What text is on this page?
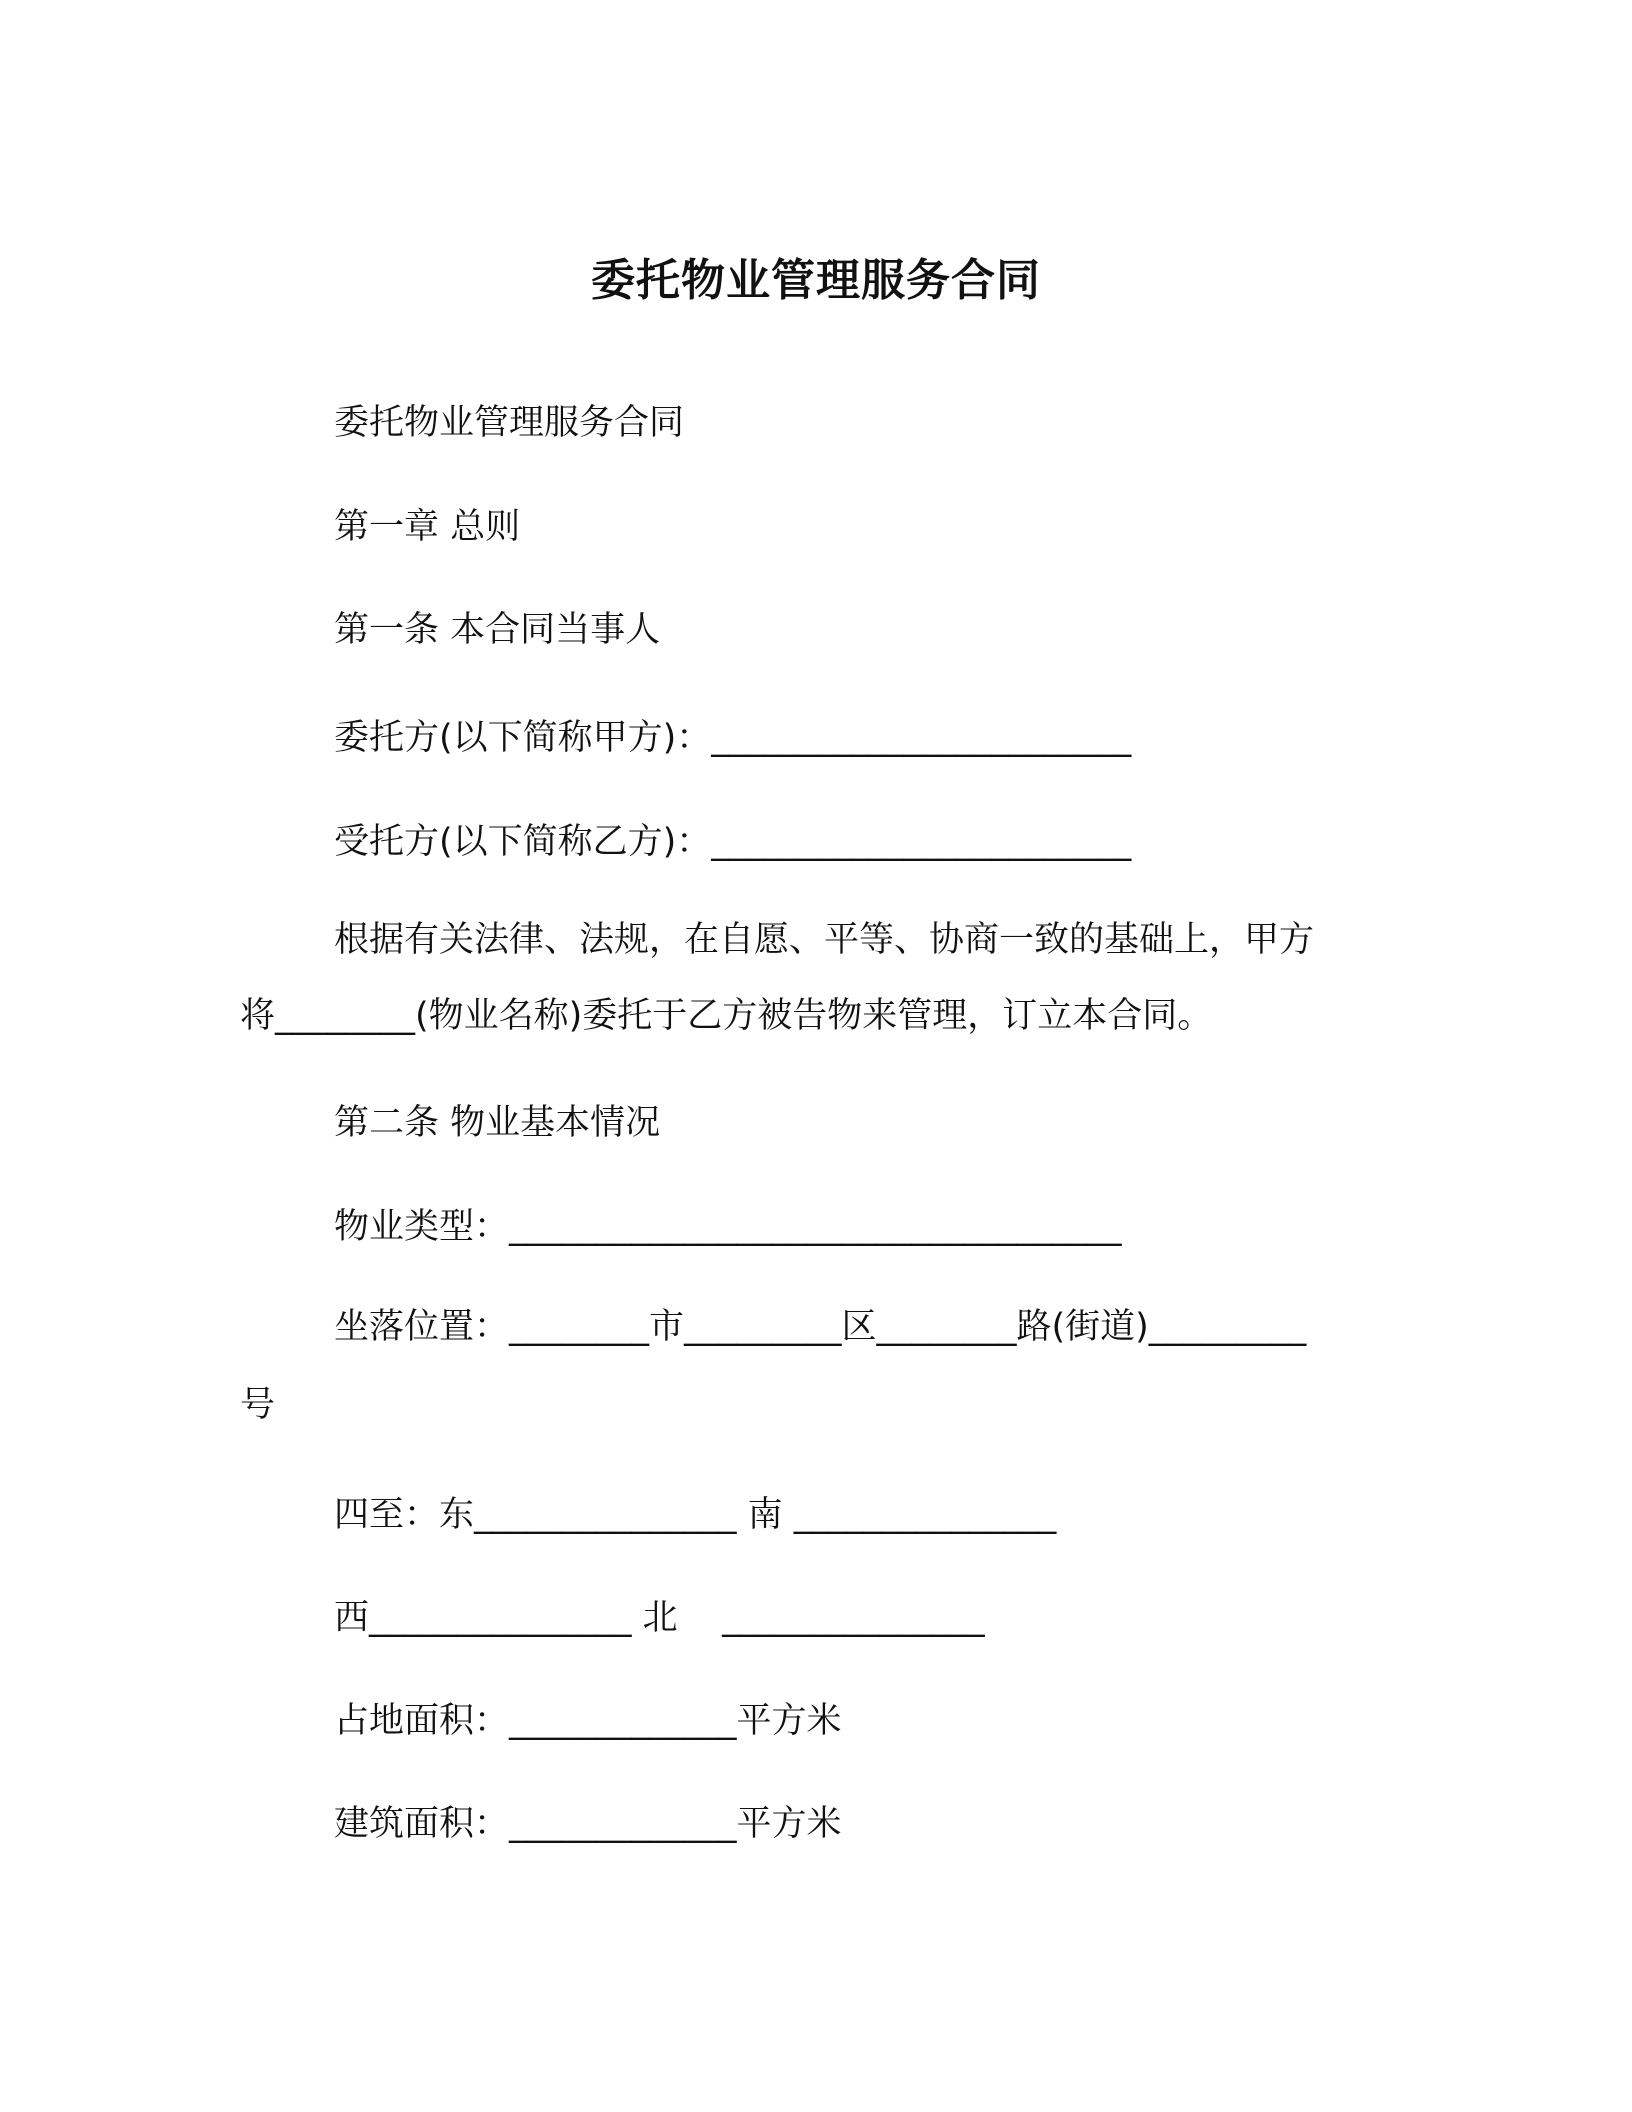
委托物业管理服务合同

委托物业管理服务合同

第一章 总则

第一条 本合同当事人

委托方(以下简称甲方)：________________________

受托方(以下简称乙方)：________________________

根据有关法律、法规，在自愿、平等、协商一致的基础上，甲方

将________(物业名称)委托于乙方被告物来管理，订立本合同。

第二条 物业基本情况

物业类型：___________________________________

坐落位置：________市_________区________路(街道)_________

号

四至：东_______________ 南 _______________

西_______________ 北    _______________

占地面积：_____________平方米

建筑面积：_____________平方米
